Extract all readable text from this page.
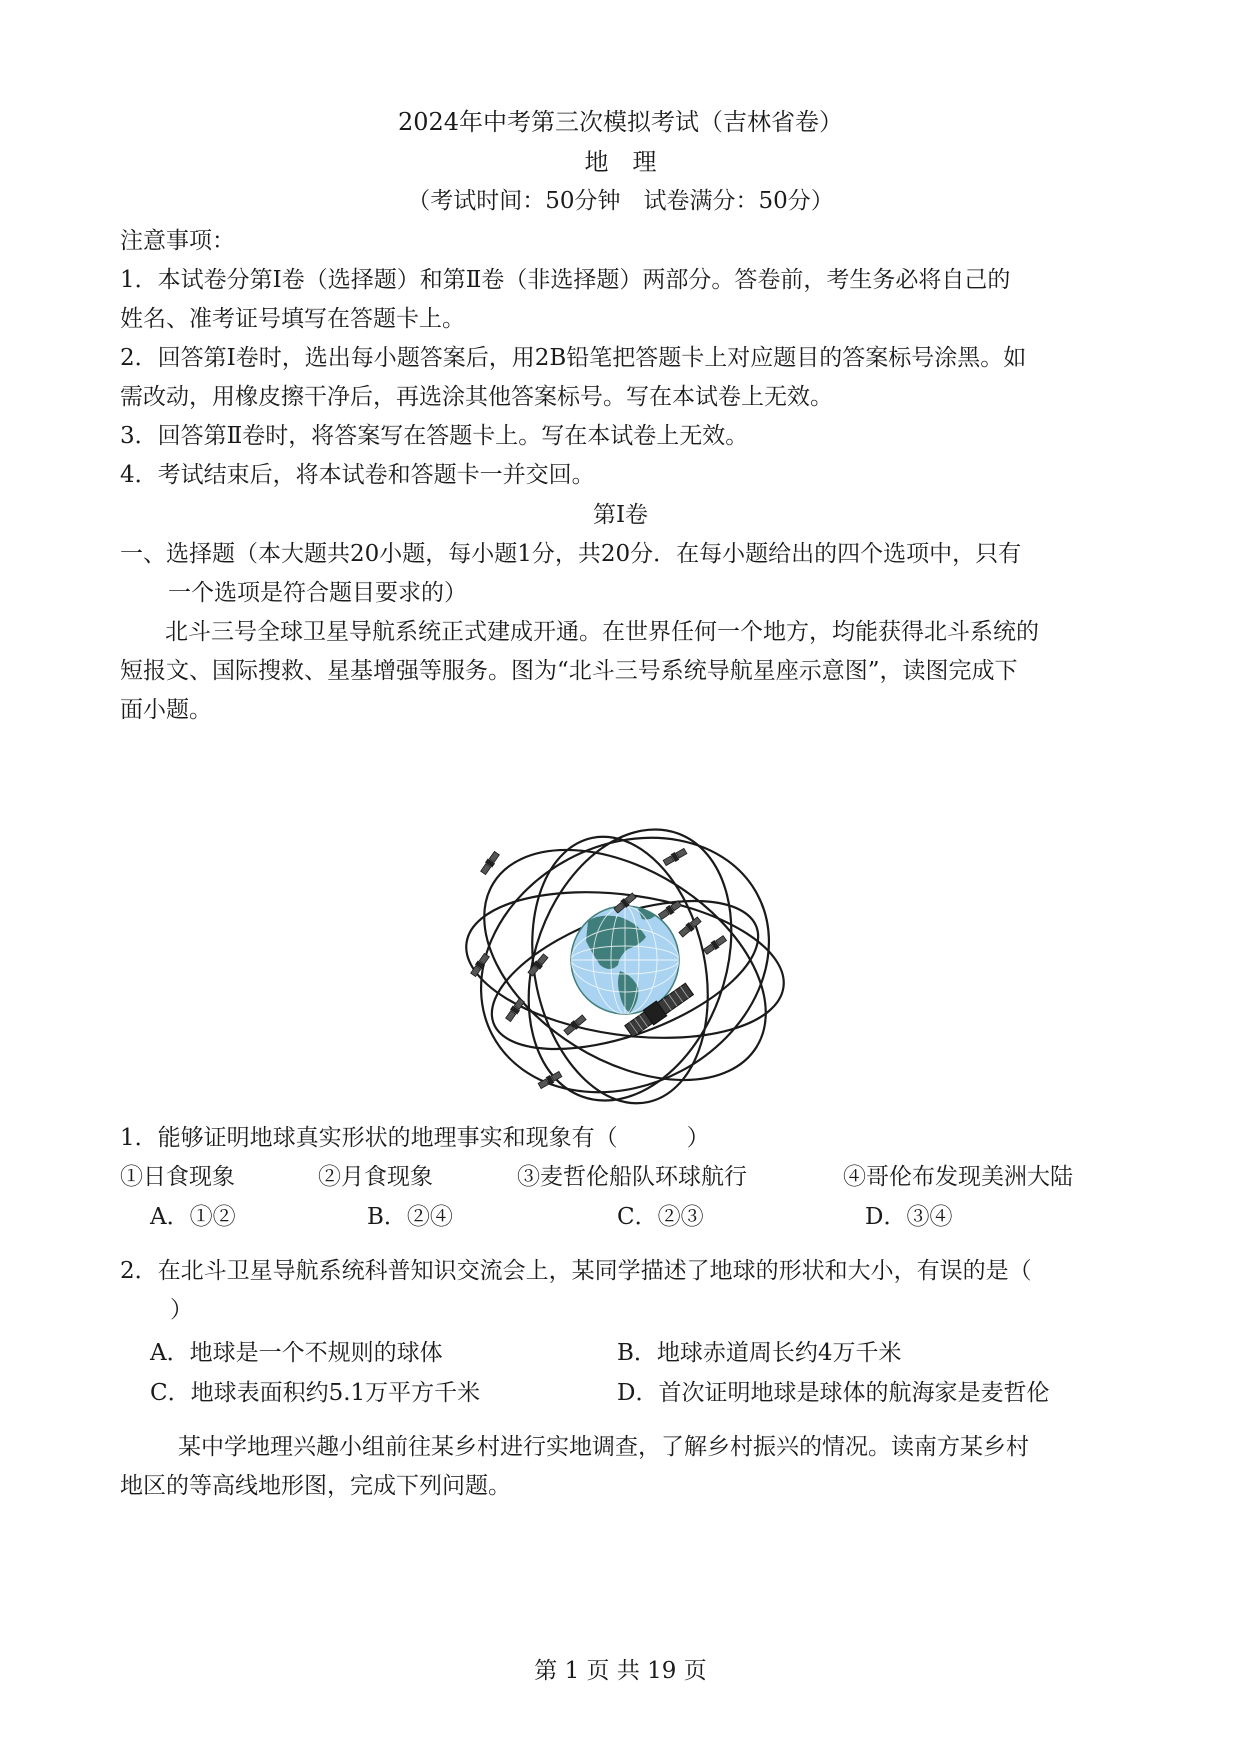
2024年中考第三次模拟考试（吉林省卷）
地　理
（考试时间：50分钟　试卷满分：50分）
注意事项：
1．本试卷分第Ⅰ卷（选择题）和第Ⅱ卷（非选择题）两部分。答卷前，考生务必将自己的
姓名、准考证号填写在答题卡上。
2．回答第Ⅰ卷时，选出每小题答案后，用2B铅笔把答题卡上对应题目的答案标号涂黑。如
需改动，用橡皮擦干净后，再选涂其他答案标号。写在本试卷上无效。
3．回答第Ⅱ卷时，将答案写在答题卡上。写在本试卷上无效。
4．考试结束后，将本试卷和答题卡一并交回。
第Ⅰ卷
一、选择题（本大题共20小题，每小题1分，共20分．在每小题给出的四个选项中，只有
一个选项是符合题目要求的）
北斗三号全球卫星导航系统正式建成开通。在世界任何一个地方，均能获得北斗系统的
短报文、国际搜救、星基增强等服务。图为“北斗三号系统导航星座示意图”，读图完成下
面小题。
1．能够证明地球真实形状的地理事实和现象有（　　　）
①日食现象	②月食现象	③麦哲伦船队环球航行	④哥伦布发现美洲大陆
A．①②	B．②④	C．②③	D．③④
2．在北斗卫星导航系统科普知识交流会上，某同学描述了地球的形状和大小，有误的是（
）
A．地球是一个不规则的球体	B．地球赤道周长约4万千米
C．地球表面积约5.1万平方千米	D．首次证明地球是球体的航海家是麦哲伦
某中学地理兴趣小组前往某乡村进行实地调查，了解乡村振兴的情况。读南方某乡村
地区的等高线地形图，完成下列问题。
第 1 页 共 19 页
